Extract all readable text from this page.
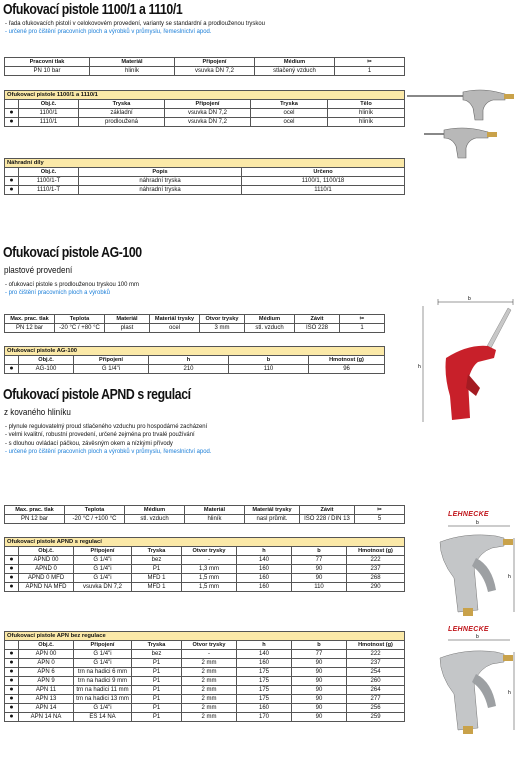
Ofukovací pistole 1100/1 a 1110/1
- řada ofukovacích pistolí v celokovovém provedení, varianty se standardní a prodlouženou tryskou
- určené pro čištění pracovních ploch a výrobků v průmyslu, řemeslnictví apod.
Pracovní tlak	Materiál	Připojení	Médium	✂
PN 10 bar	hliník	vsuvka DN 7,2	stlačený vzduch	1
Ofukovací pistole 1100/1 a 1110/1					
	Obj.č.	Tryska	Připojení	Tryska	Tělo
●	1100/1	základní	vsuvka DN 7,2	ocel	hliník
●	1110/1	prodloužená	vsuvka DN 7,2	ocel	hliník
Náhradní díly			
	Obj.č.	Popis	Určeno
●	1100/1-T	náhradní tryska	1100/1, 1100/18
●	1110/1-T	náhradní tryska	1110/1
Ofukovací pistole AG-100
plastové provedení
- ofukovací pistole s prodlouženou tryskou 100 mm
- pro čištění pracovních ploch a výrobků
Max. prac. tlak	Teplota	Materiál	Materiál trysky	Otvor trysky	Médium	Závit	✂
PN 12 bar	-20 °C / +80 °C	plast	ocel	3 mm	stl. vzduch	ISO 228	1
Ofukovací pistole AG-100					
	Obj.č.	Připojení	h	b	Hmotnost (g)
●	AG-100	G 1/4"i	210	110	96
b
h
Ofukovací pistole APND s regulací
z kovaného hliníku
- plynule regulovatelný proud stlačeného vzduchu pro hospodárné zacházení
- velmi kvalitní, robustní provedení, určené zejména pro trvalé používání
- s dlouhou ovládací páčkou, závěsným okem a nízkými přívody
- určené pro čištění pracovních ploch a výrobků v průmyslu, řemeslnictví apod.
Max. prac. tlak	Teplota	Médium	Materiál	Materiál trysky	Závit	✂
PN 12 bar	-20 °C / +100 °C	stl. vzduch	hliník	nasl průmit.	ISO 228 / DIN 13	5
Ofukovací pistole APND s regulací							
	Obj.č.	Připojení	Tryska	Otvor trysky	h	b	Hmotnost (g)
●	APND 00	G 1/4"i	bez	-	140	77	222
●	APND 0	G 1/4"i	P1	1,3 mm	160	90	237
●	APND 0 MFD	G 1/4"i	MFD 1	1,5 mm	160	90	268
●	APND NA MFD	vsuvka DN 7,2	MFD 1	1,5 mm	160	110	290
Ofukovací pistole APN bez regulace							
	Obj.č.	Připojení	Tryska	Otvor trysky	h	b	Hmotnost (g)
●	APN 00	G 1/4"i	bez	-	140	77	222
●	APN 0	G 1/4"i	P1	2 mm	160	90	237
●	APN 6	trn na hadici 6 mm	P1	2 mm	175	90	254
●	APN 9	trn na hadici 9 mm	P1	2 mm	175	90	260
●	APN 11	trn na hadici 11 mm	P1	2 mm	175	90	264
●	APN 13	trn na hadici 13 mm	P1	2 mm	175	90	277
●	APN 14	G 1/4"i	P1	2 mm	160	90	256
●	APN 14 NA	ES 14 NA	P1	2 mm	170	90	259
LEHNECKE
b
h
LEHNECKE
b
h
